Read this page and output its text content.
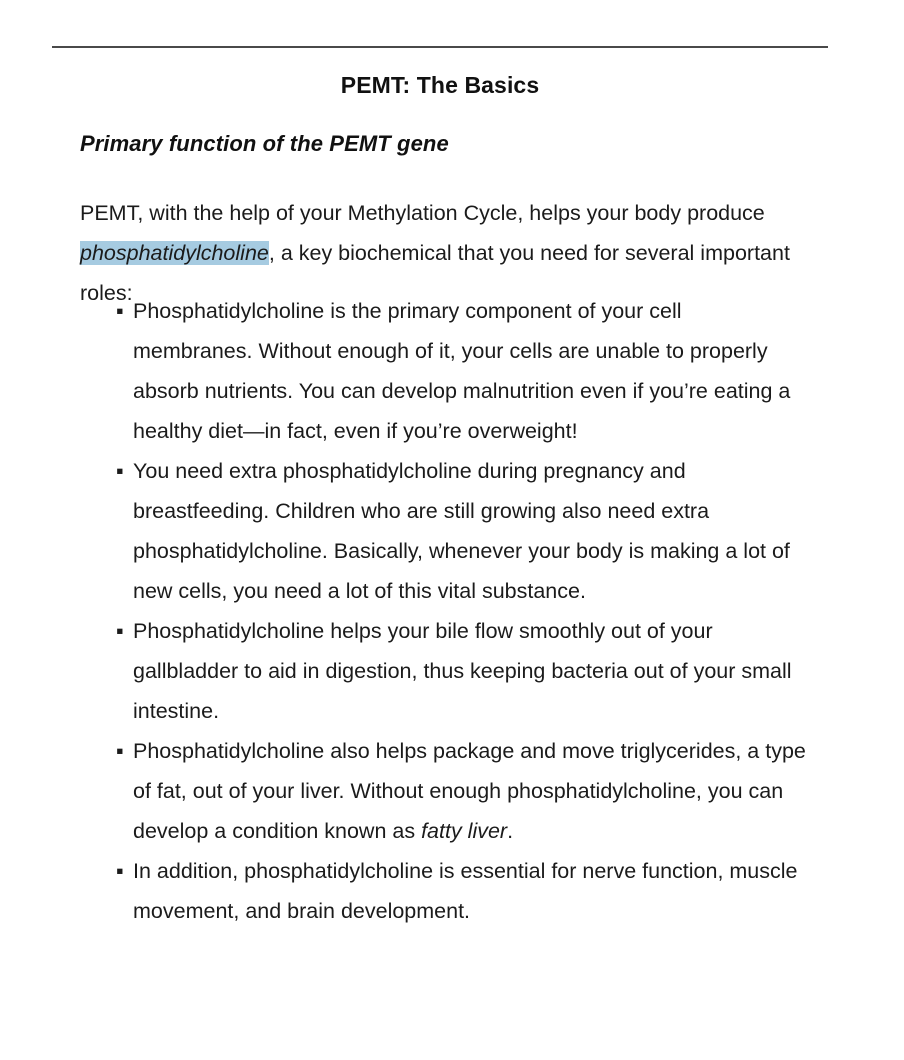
PEMT: The Basics
Primary function of the PEMT gene

PEMT, with the help of your Methylation Cycle, helps your body produce phosphatidylcholine, a key biochemical that you need for several important roles:

▪ Phosphatidylcholine is the primary component of your cell membranes. Without enough of it, your cells are unable to properly absorb nutrients. You can develop malnutrition even if you’re eating a healthy diet—in fact, even if you’re overweight!
▪ You need extra phosphatidylcholine during pregnancy and breastfeeding. Children who are still growing also need extra phosphatidylcholine. Basically, whenever your body is making a lot of new cells, you need a lot of this vital substance.
▪ Phosphatidylcholine helps your bile flow smoothly out of your gallbladder to aid in digestion, thus keeping bacteria out of your small intestine.
▪ Phosphatidylcholine also helps package and move triglycerides, a type of fat, out of your liver. Without enough phosphatidylcholine, you can develop a condition known as fatty liver.
▪ In addition, phosphatidylcholine is essential for nerve function, muscle movement, and brain development.
